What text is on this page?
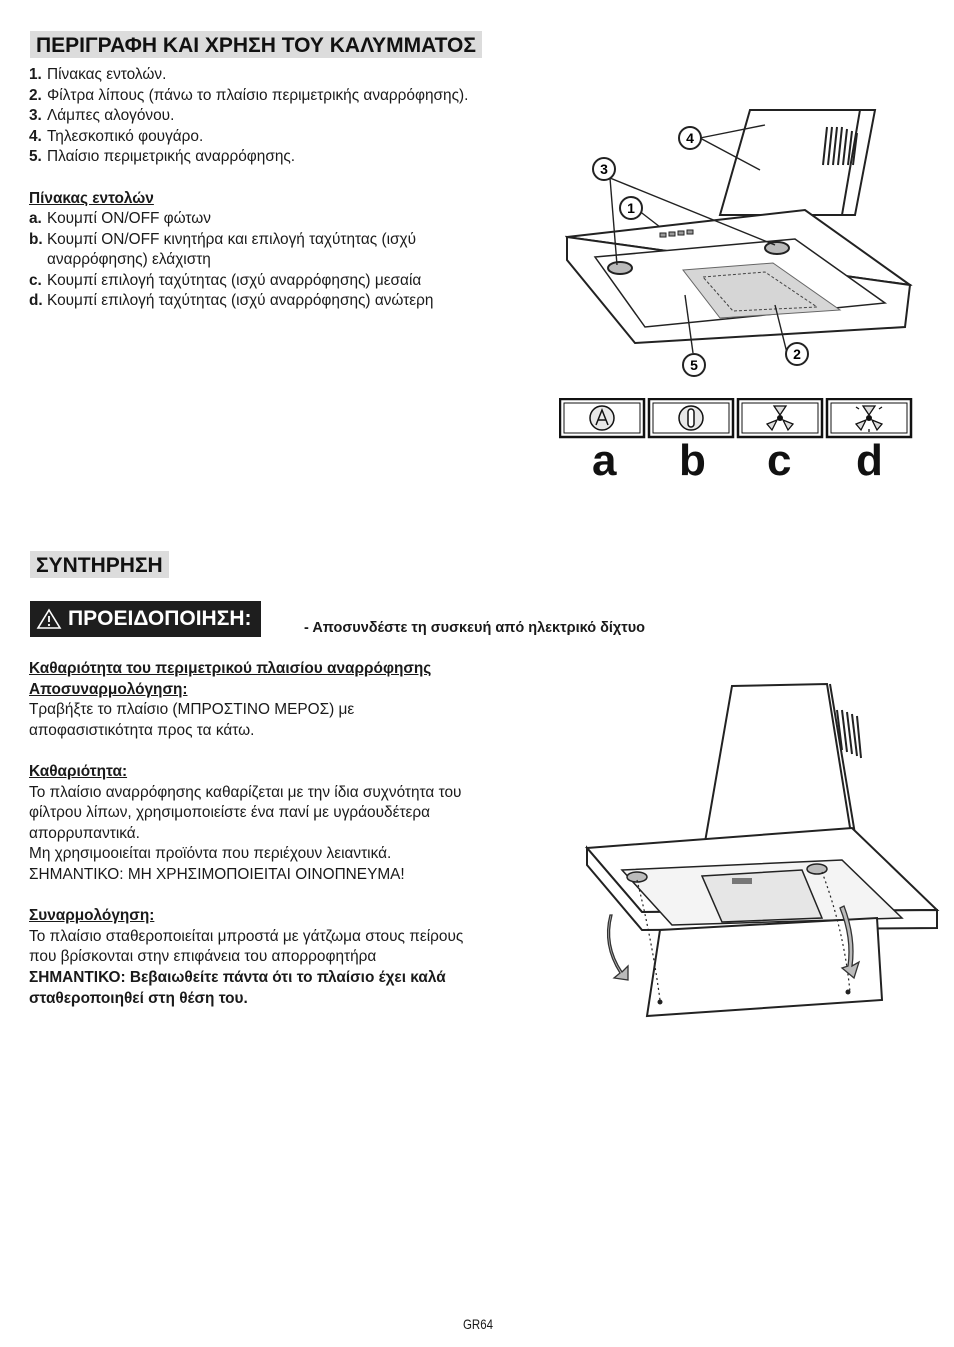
ΠΕΡΙΓΡΑΦΗ ΚΑΙ ΧΡΗΣΗ ΤΟΥ ΚΑΛΥΜΜΑΤΟΣ
1. Πίνακας εντολών.
2. Φίλτρα λίπους (πάνω το πλαίσιο περιμετρικής αναρρόφησης).
3. Λάμπες αλογόνου.
4. Τηλεσκοπικό φουγάρο.
5. Πλαίσιο περιμετρικής αναρρόφησης.
Πίνακας εντολών
a. Κουμπί ON/OFF φώτων
b. Κουμπί ON/OFF κινητήρα και επιλογή ταχύτητας (ισχύ αναρρόφησης) ελάχιστη
c. Κουμπί επιλογή ταχύτητας (ισχύ αναρρόφησης) μεσαία
d. Κουμπί επιλογή ταχύτητας (ισχύ αναρρόφησης) ανώτερη
4
3
1
5
2
a b c d
ΣΥΝΤΗΡΗΣΗ
ΠΡΟΕΙΔΟΠΟΙΗΣΗ:	- Αποσυνδέστε τη συσκευή από ηλεκτρικό δίχτυο
Καθαριότητα του περιμετρικού πλαισίου αναρρόφησης
Αποσυναρμολόγηση:
Τραβήξτε το πλαίσιο (ΜΠΡΟΣΤΙΝΟ ΜΕΡΟΣ) με
αποφασιστικότητα προς τα κάτω.
Καθαριότητα:
Το πλαίσιο αναρρόφησης καθαρίζεται με την ίδια συχνότητα του
φίλτρου λίπων, χρησιμοποιείστε ένα πανί με υγράουδέτερα
απορρυπαντικά.
Μη χρησιμοοιείται προϊόντα που περιέχουν λειαντικά.
ΣΗΜΑΝΤΙΚΟ: ΜΗ ΧΡΗΣΙΜΟΠΟΙΕΙΤΑΙ ΟΙΝΟΠΝΕΥΜΑ!
Συναρμολόγηση:
Το πλαίσιο σταθεροποιείται μπροστά με γάτζωμα στους πείρους
που βρίσκονται στην επιφάνεια του απορροφητήρα
ΣΗΜΑΝΤΙΚΟ: Βεβαιωθείτε πάντα ότι το πλαίσιο έχει καλά
σταθεροποιηθεί στη θέση του.
GR64
